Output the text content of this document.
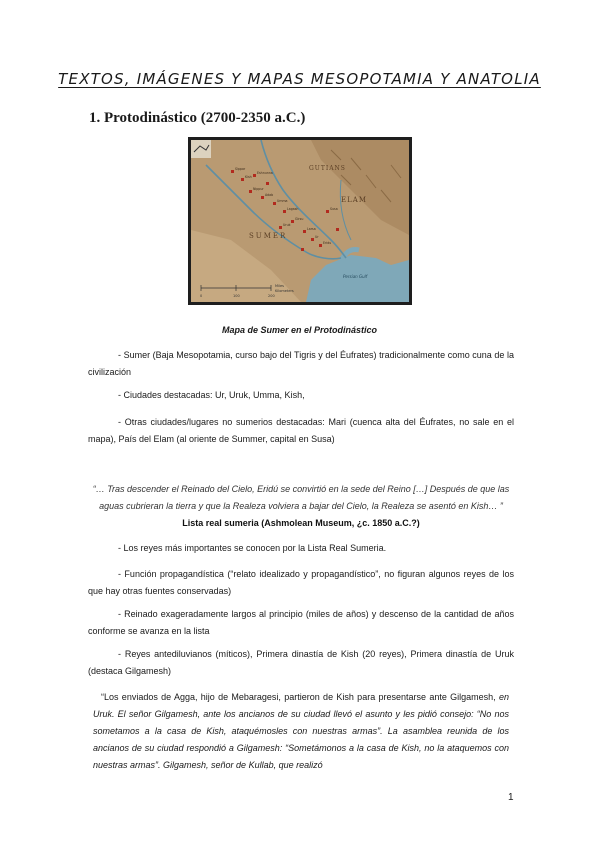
TEXTOS, IMÁGENES Y MAPAS MESOPOTAMIA Y ANATOLIA
1. Protodinástico (2700-2350 a.C.)
Sippar
Kish
Eshnunna
Nippur
Adab
Umma
Lagash
Girsu
Uruk
Larsa
Ur
Eridu
Susa
GUTIANS
ELAM
SUMER
Persian Gulf
0	100	200
Miles
Kilometers
Mapa de Sumer en el Protodinástico
- Sumer (Baja Mesopotamia, curso bajo del Tigris y del Éufrates) tradicionalmente como cuna de la civilización
- Ciudades destacadas: Ur, Uruk, Umma, Kish,
- Otras ciudades/lugares no sumerios destacadas: Mari (cuenca alta del Éufrates, no sale en el mapa), País del Elam (al oriente de Summer, capital en Susa)
“… Tras descender el Reinado del Cielo, Eridú se convirtió en la sede del Reino […] Después de que las aguas cubrieran la tierra y que la Realeza volviera a bajar del Cielo, la Realeza se asentó en Kish… ” Lista real sumeria (Ashmolean Museum, ¿c. 1850 a.C.?)
- Los reyes más importantes se conocen por la Lista Real Sumeria.
- Función propagandística (“relato idealizado y propagandístico”, no figuran algunos reyes de los que hay otras fuentes conservadas)
- Reinado exageradamente largos al principio (miles de años) y descenso de la cantidad de años conforme se avanza en la lista
- Reyes antediluvianos (míticos), Primera dinastía de Kish (20 reyes), Primera dinastía de Uruk (destaca Gilgamesh)
“Los enviados de Agga, hijo de Mebaragesi, partieron de Kish para presentarse ante Gilgamesh, en Uruk. El señor Gilgamesh, ante los ancianos de su ciudad llevó el asunto y les pidió consejo: “No nos sometamos a la casa de Kish, ataquémosles con nuestras armas”. La asamblea reunida de los ancianos de su ciudad respondió a Gilgamesh: “Sometámonos a la casa de Kish, no la ataquemos con nuestras armas”. Gilgamesh, señor de Kullab, que realizó
1
